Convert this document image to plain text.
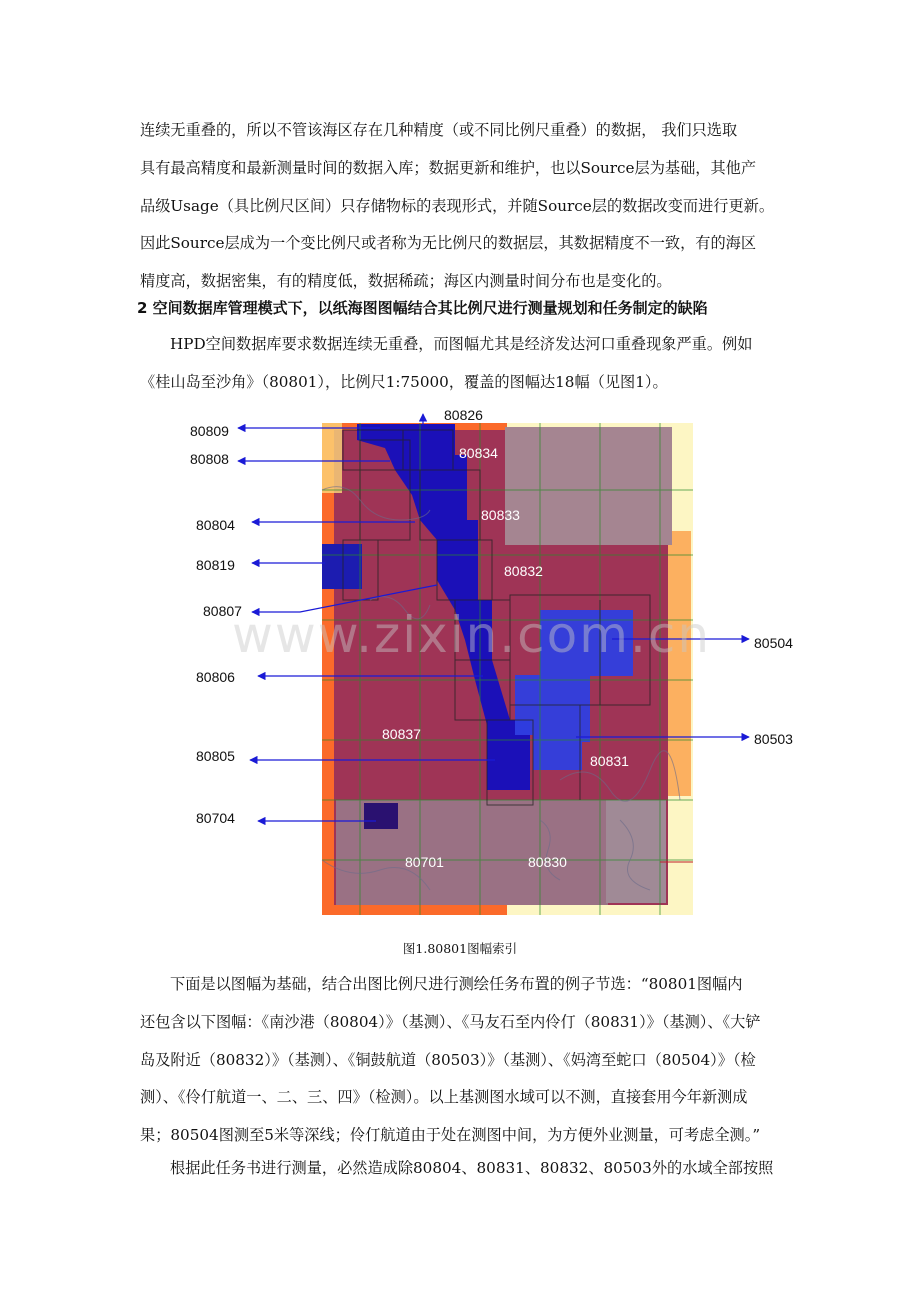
连续无重叠的，所以不管该海区存在几种精度（或不同比例尺重叠）的数据， 我们只选取
具有最高精度和最新测量时间的数据入库；数据更新和维护，也以Source层为基础，其他产
品级Usage（具比例尺区间）只存储物标的表现形式，并随Source层的数据改变而进行更新。
因此Source层成为一个变比例尺或者称为无比例尺的数据层，其数据精度不一致，有的海区
精度高，数据密集，有的精度低，数据稀疏；海区内测量时间分布也是变化的。
2 空间数据库管理模式下，以纸海图图幅结合其比例尺进行测量规划和任务制定的缺陷
HPD空间数据库要求数据连续无重叠，而图幅尤其是经济发达河口重叠现象严重。例如
《桂山岛至沙角》（80801），比例尺1:75000，覆盖的图幅达18幅（见图1）。
80834
80833
80832
80837
80831
80701	80830
80826
80809
80808
80804
80819
80807
80806
80805
80704
80504
80503
www.zixin.com.cn
图1.80801图幅索引
下面是以图幅为基础，结合出图比例尺进行测绘任务布置的例子节选：“80801图幅内
还包含以下图幅：《南沙港（80804）》（基测）、《马友石至内伶仃（80831）》（基测）、《大铲
岛及附近（80832）》（基测）、《铜鼓航道（80503）》（基测）、《妈湾至蛇口（80504）》（检
测）、《伶仃航道一、二、三、四》（检测）。以上基测图水域可以不测，直接套用今年新测成
果；80504图测至5米等深线；伶仃航道由于处在测图中间，为方便外业测量，可考虑全测。”
根据此任务书进行测量，必然造成除80804、80831、80832、80503外的水域全部按照
